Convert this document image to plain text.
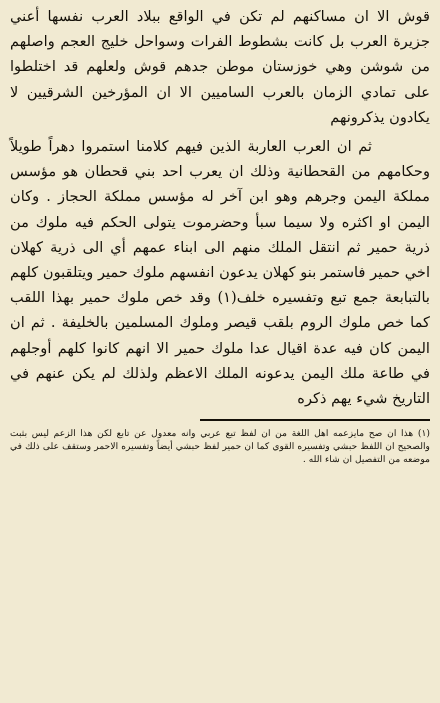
قوش الا ان مساكنهم لم تكن في الواقع ببلاد العرب نفسها أعني جزيرة العرب بل كانت بشطوط الفرات وسواحل خليج العجم واصلهم من شوشن وهي خوزستان موطن جدهم قوش ولعلهم قد اختلطوا على تمادي الزمان بالعرب الساميين الا ان المؤرخين الشرقيين لا يكادون يذكرونهم

ثم ان العرب العاربة الذين فيهم كلامنا استمروا دهراً طويلاً وحكامهم من القحطانية وذلك ان يعرب احد بني قحطان هو مؤسس مملكة اليمن وجرهم وهو ابن آخر له مؤسس مملكة الحجاز . وكان اليمن او اكثره ولا سيما سبأ وحضرموت يتولى الحكم فيه ملوك من ذرية حمير ثم انتقل الملك منهم الى ابناء عمهم أي الى ذرية كهلان اخي حمير فاستمر بنو كهلان يدعون انفسهم ملوك حمير ويتلقبون كلهم بالتبابعة جمع تبع وتفسيره خلف(١) وقد خص ملوك حمير بهذا اللقب كما خص ملوك الروم بلقب قيصر وملوك المسلمين بالخليفة . ثم ان اليمن كان فيه عدة اقيال عدا ملوك حمير الا انهم كانوا كلهم أوجلهم في طاعة ملك اليمن يدعونه الملك الاعظم ولذلك لم يكن عنهم في التاريخ شيء يهم ذكره

(١) هذا ان صح مايزعمه اهل اللغة من ان لفظ تبع عربي وانه معدول عن تابع لكن هذا الزعم ليس بثبت والصحيح ان اللفظ حبشي وتفسيره القوي كما ان حمير لفظ حبشي أيضاً وتفسيره الاحمر وستقف على ذلك في موضعه من التفصيل ان شاء الله .
